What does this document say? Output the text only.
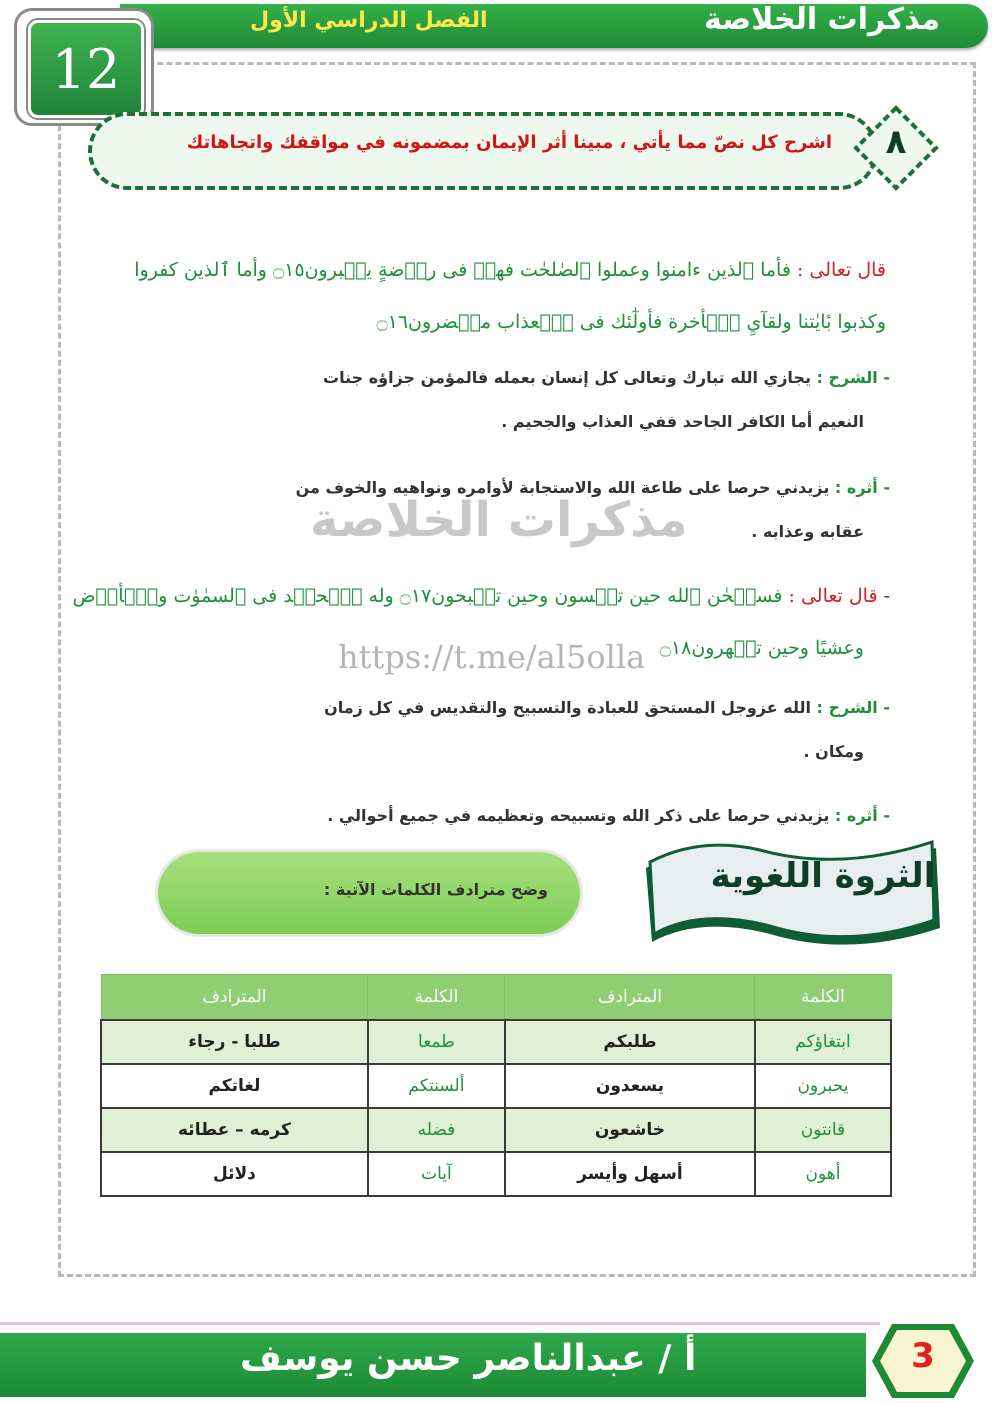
مذكرات الخلاصة
الفصل الدراسي الأول
12
اشرح كل نصّ مما يأتي ، مبينا أثر الإيمان بمضمونه في مواقفك واتجاهاتك	٨
قال تعالى : فأما ٱلذين ءامنوا وعملوا ٱلصٰلحٰت فهمۡ فى روۡضةٍ يحۡبرون۝١٥ وأما ٱلذين كفروا
وكذبوا بٔايٰتنا ولقآيِ ٱلۡأخرة فأولٰٓئك فى ٱلۡعذاب محۡضرون۝١٦
- الشرح : يجازي الله تبارك وتعالى كل إنسان بعمله فالمؤمن جزاؤه جنات
النعيم أما الكافر الجاحد ففي العذاب والجحيم .
- أثره : يزيدني حرصا على طاعة الله والاستجابة لأوامره ونواهيه والخوف من
عقابه وعذابه .
مذكرات الخلاصة
- قال تعالى : فسبۡحٰن ٱلله حين تمۡسون وحين تصۡبحون۝١٧ وله ٱلۡحمۡد فى ٱلسمٰوٰت وٱلۡأرۡض
وعشيًا وحين تظۡهرون۝١٨
https://t.me/al5olla
- الشرح : الله عزوجل المستحق للعبادة والتسبيح والتقديس في كل زمان
ومكان .
- أثره : يزيدني حرصا على ذكر الله وتسبيحه وتعظيمه في جميع أحوالي .
وضح مترادف الكلمات الآتية :	الثروة اللغوية
الكلمة	المترادف	الكلمة	المترادف
ابتغاؤكم	طلبكم	طمعا	طلبا - رجاء
يحبرون	يسعدون	ألسنتكم	لغاتكم
قانتون	خاشعون	فضله	كرمه – عطائه
أهون	أسهل وأيسر	آيات	دلائل
أ / عبدالناصر حسن يوسف	3
